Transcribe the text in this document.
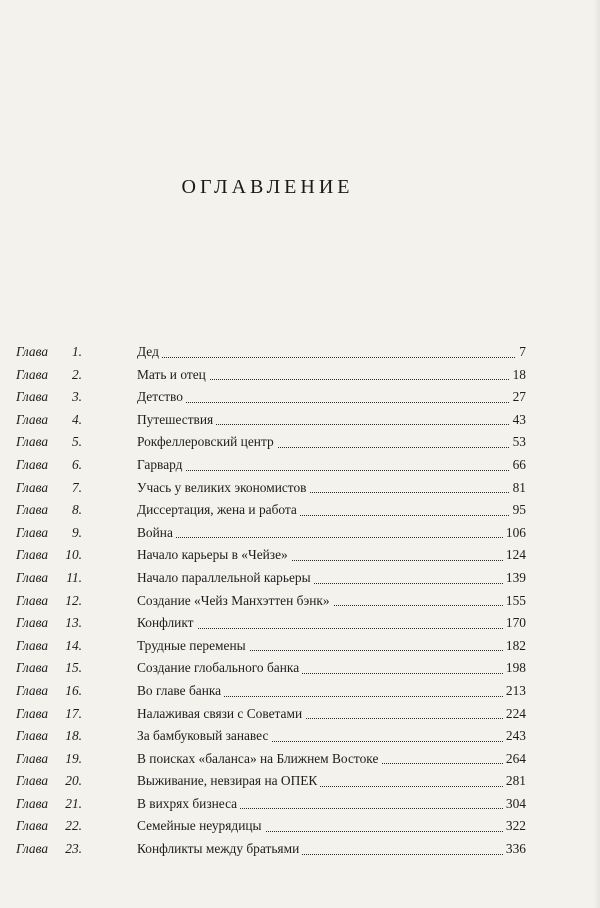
ОГЛАВЛЕНИЕ
Глава 1.	Дед	7
Глава 2.	Мать и отец	18
Глава 3.	Детство	27
Глава 4.	Путешествия	43
Глава 5.	Рокфеллеровский центр	53
Глава 6.	Гарвард	66
Глава 7.	Учась у великих экономистов	81
Глава 8.	Диссертация, жена и работа	95
Глава 9.	Война	106
Глава 10.	Начало карьеры в «Чейзе»	124
Глава 11.	Начало параллельной карьеры	139
Глава 12.	Создание «Чейз Манхэттен бэнк»	155
Глава 13.	Конфликт	170
Глава 14.	Трудные перемены	182
Глава 15.	Создание глобального банка	198
Глава 16.	Во главе банка	213
Глава 17.	Налаживая связи с Советами	224
Глава 18.	За бамбуковый занавес	243
Глава 19.	В поисках «баланса» на Ближнем Востоке	264
Глава 20.	Выживание, невзирая на ОПЕК	281
Глава 21.	В вихрях бизнеса	304
Глава 22.	Семейные неурядицы	322
Глава 23.	Конфликты между братьями	336
